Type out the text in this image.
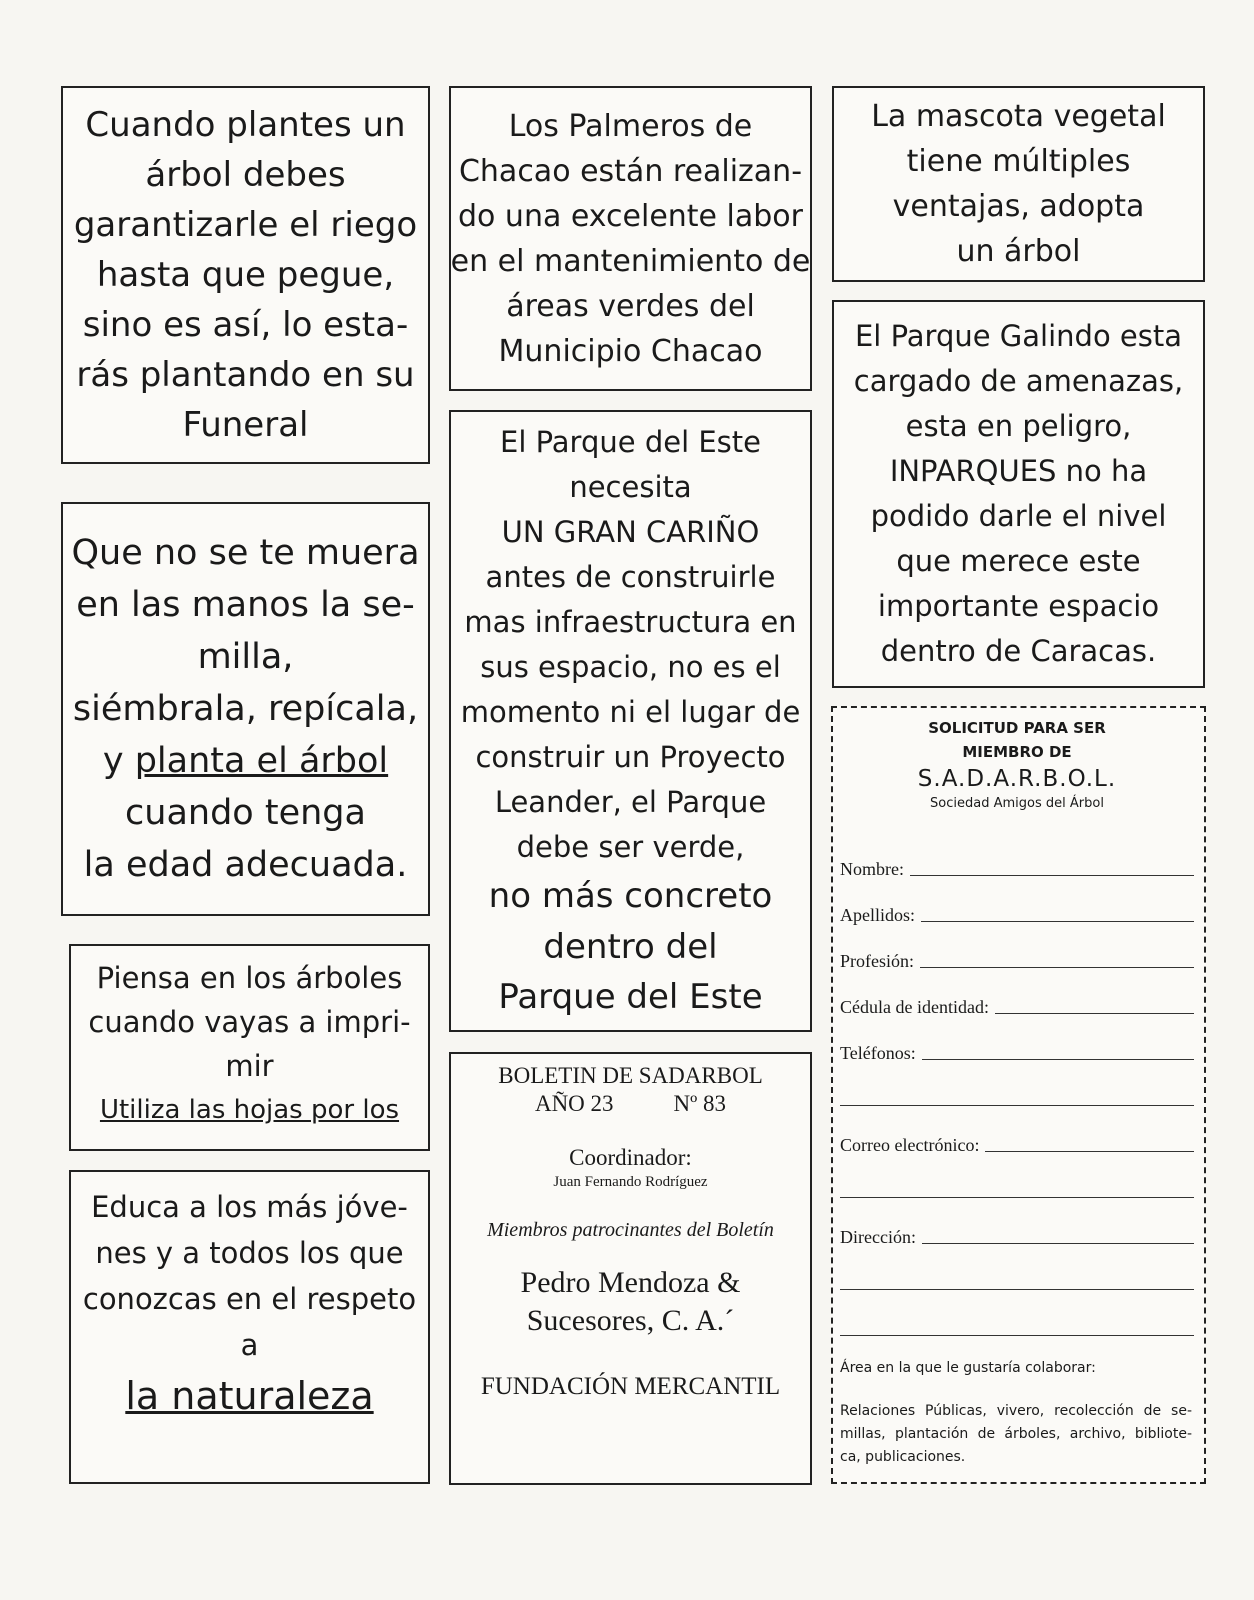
Cuando plantes un
árbol debes
garantizarle el riego
hasta que pegue,
sino es así, lo esta-
rás plantando en su
Funeral
Que no se te muera
en las manos la se-
milla,
siémbrala, repícala,
y planta el árbol
cuando tenga
la edad adecuada.
Piensa en los árboles
cuando vayas a impri-
mir
Utiliza las hojas por los
Educa a los más jóve-
nes y a todos los que
conozcas en el respeto
a
la naturaleza
Los Palmeros de
Chacao están realizan-
do una excelente labor
en el mantenimiento de
áreas verdes del
Municipio Chacao
El Parque del Este
necesita
UN GRAN CARIÑO
antes de construirle
mas infraestructura en
sus espacio, no es el
momento ni el lugar de
construir un Proyecto
Leander, el Parque
debe ser verde,
no más concreto
dentro del
Parque del Este
BOLETIN DE SADARBOL
AÑO 23	Nº 83
Coordinador:
Juan Fernando Rodríguez
Miembros patrocinantes del Boletín
Pedro Mendoza &
Sucesores, C. A.´
FUNDACIÓN MERCANTIL
La mascota vegetal
tiene múltiples
ventajas, adopta
un árbol
El Parque Galindo esta
cargado de amenazas,
esta en peligro,
INPARQUES no ha
podido darle el nivel
que merece este
importante espacio
dentro de Caracas.
SOLICITUD PARA SER
MIEMBRO DE
S.A.D.A.R.B.O.L.
Sociedad Amigos del Árbol
Nombre:
Apellidos:
Profesión:
Cédula de identidad:
Teléfonos:
Correo electrónico:
Dirección:
Área en la que le gustaría colaborar:
Relaciones Públicas, vivero, recolección de se- millas, plantación de árboles, archivo, bibliote- ca, publicaciones.
